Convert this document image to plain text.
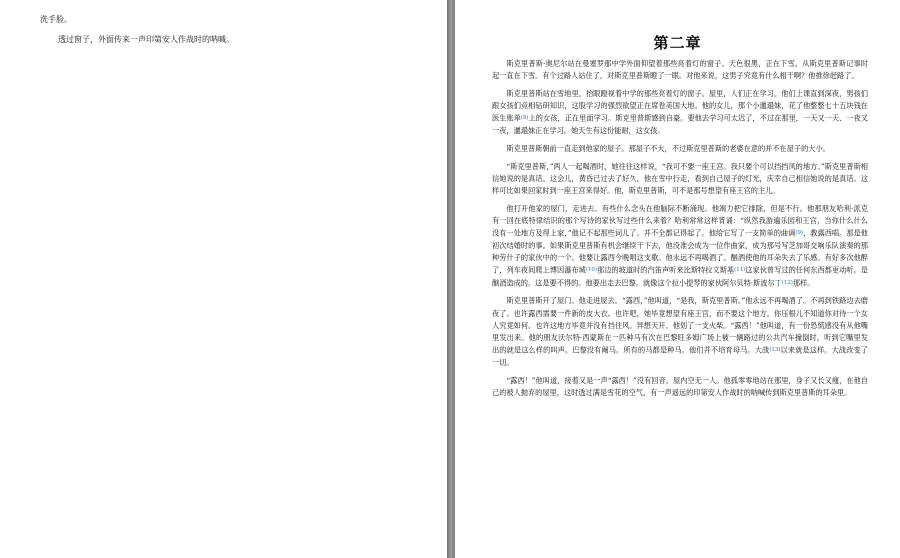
洗手脸。
透过窗子，外面传来一声印第安人作战时的呐喊。	第二章

斯克里普斯·奥尼尔站在曼塞罗那中学外面仰望着那些亮着灯的窗子。天色很黑，正在下雪。从斯克里普斯记事时起一直在下雪。有个过路人站住了，对斯克里普斯瞪了一眼。对他来说，这男子究竟有什么相干啊？他推徐赶路了。

斯克里普斯站在雪地里，抬眼蹬视着中学的那些亮着灯的窗子。屋里，人们正在学习。他们上课直到深夜，男孩们跟女孩们竞相钻研知识，这股学习的强烈欲望正在席卷美国大地。他的女儿，那个小邋遢妹，花了他整整七十五块钱在医生账单$^{(8)}$上的女孩，正在里面学习。斯克里普斯感到自豪。要他去学习可太迟了，不过在那里，一天又一天、一夜又一夜，邋遢妹正在学习。她天生有这份能耐，这女孩。

斯克里普斯朝前一直走到他家的屋子。那屋子不大，不过斯克里普斯的老婆在意的并不在屋子的大小。

“斯克里普斯，”两人一起喝酒时，她往往这样说，“我可不要一座王宫。我只要个可以挡挡风的地方。”斯克里普斯相信她说的是真话。这会儿，黄昏已过去了好久，他在雪中行走，看到自己屋子的灯光，庆幸自己相信她说的是真话。这样可比如果回家时到一座王宫来得好。他，斯克里普斯，可不是那号想望有座王宫的主儿。

他打开他家的屋门，走进去。有些什么念头在他脑际不断涌现。他竭力把它排除，但是不行。他那朋友哈利·派克有一回在底特律结识的那个写诗的家伙写过些什么来着？哈利常常这样背诵：“纵然我游遍乐园和王宫，当你什么什么没有一处地方及得上家，”他记不起那些词儿了。并不全都记得起了。他给它写了一支简单的曲调$^{(9)}$，教露西唱。那是他初次结婚时的事。如果斯克里普斯有机会继续干下去，他没准会成为一位作曲家，成为那号写芝加哥交响乐队演奏的那种劳什子的家伙中的一个。他要让露西今晚唱这支歌。他永远不再喝酒了。酗酒使他的耳朵失去了乐感。有好多次他醉了，列车夜间爬上博因瀑布城$^{(10)}$那边的坡道时的汽笛声听来比斯特拉文斯基$^{(11)}$这家伙曾写过的任何东西都更动听。是酗酒造成的。这是要不得的。他要出走去巴黎。就像这个拉小提琴的家伙阿尔贝特·斯波尔丁$^{(12)}$那样。

斯克里普斯开了屋门。他走进屋去。“露西，”他叫道，“是我，斯克里普斯。”他永远不再喝酒了。不再到铁路边去磨夜了。也许露西需要一件新的皮大衣。也许吧，她毕竟想望有座王宫，而不要这个地方。你压根儿不知道你对待一个女人究竟如何。也许这地方毕竟并没有挡住风。异想天开。他划了一支火柴。“露西！”他叫道，有一份恐慌感没有从他嘴里发出来。他的朋友沃尔特·西蒙斯在一匹种马有次在巴黎旺多姆广场上被一辆路过的公共汽车撞倒时，听到它嘴里发出的就是这么样的叫声。巴黎没有阉马。所有的马都是种马。他们并不培育母马。大战$^{(13)}$以来就是这样。大战改变了一切。

“露西！”他叫道，接着又是一声“露西！”没有回音。屋内空无一人。他孤零零地站在那里，身子又长又瘦，在他自己的被人抛弃的屋里，这时透过满是雪花的空气，有一声遥远的印第安人作战时的呐喊传到斯克里普斯的耳朵里。
